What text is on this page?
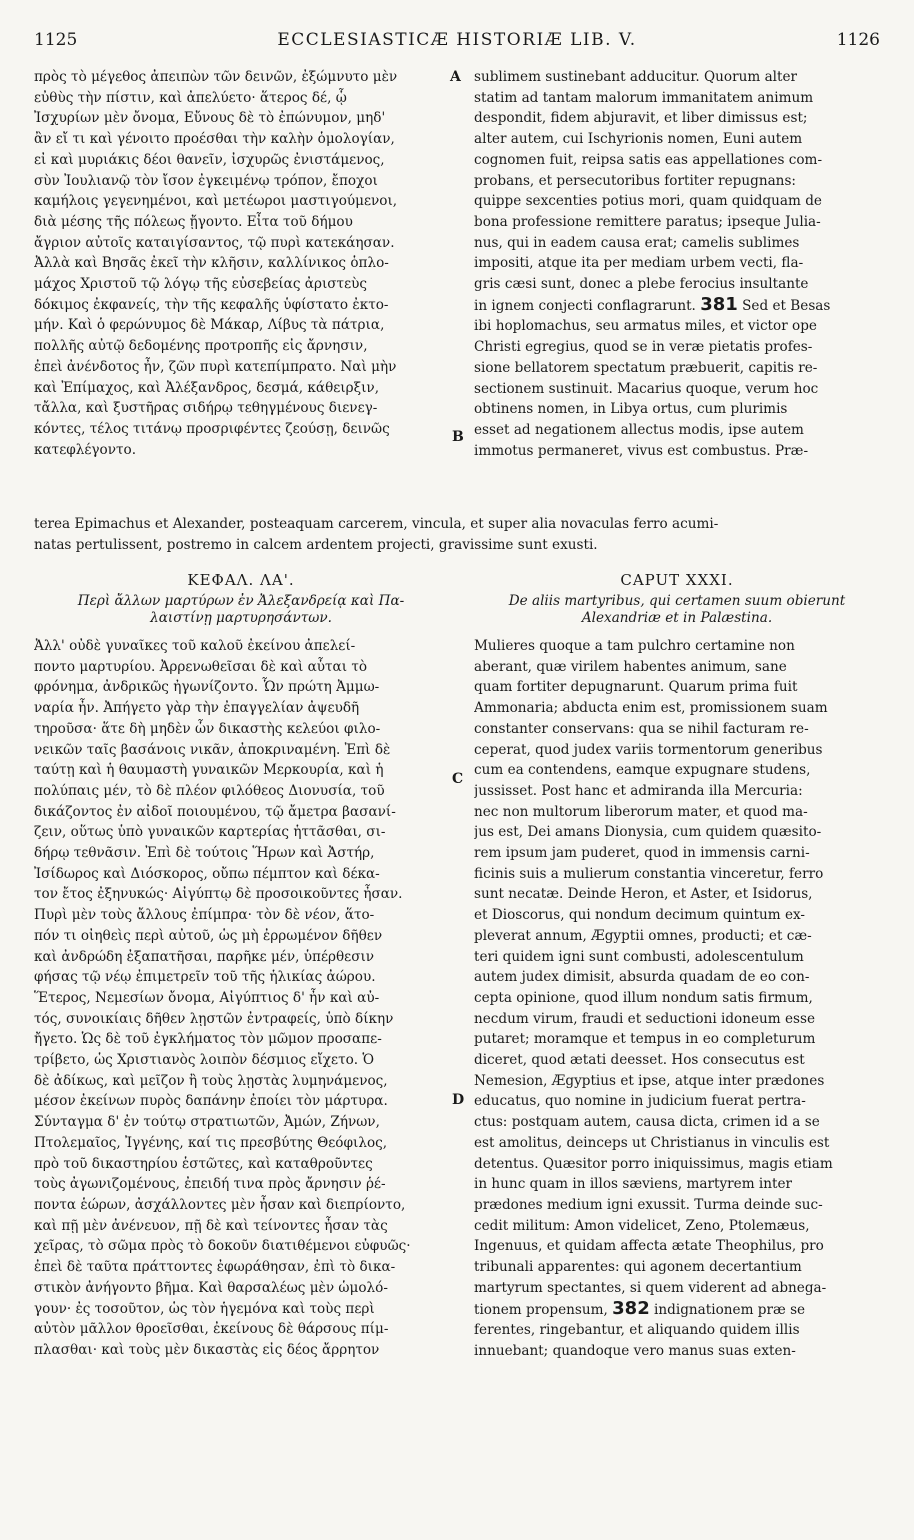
1125	ECCLESIASTICÆ HISTORIÆ LIB. V.	1126
πρὸς τὸ μέγεθος ἀπειπὼν τῶν δεινῶν, ἐξώμνυτο μὲν
εὐθὺς τὴν πίστιν, καὶ ἀπελύετο· ἅτερος δέ, ᾧ
Ἰσχυρίων μὲν ὄνομα, Εὔνους δὲ τὸ ἐπώνυμον, μηδ'
ἂν εἴ τι καὶ γένοιτο προέσθαι τὴν καλὴν ὁμολογίαν,
εἰ καὶ μυριάκις δέοι θανεῖν, ἰσχυρῶς ἐνιστάμενος,
σὺν Ἰουλιανῷ τὸν ἴσον ἐγκειμένῳ τρόπον, ἔποχοι
καμήλοις γεγενημένοι, καὶ μετέωροι μαστιγούμενοι,
διὰ μέσης τῆς πόλεως ᾔγοντο. Εἶτα τοῦ δήμου
ἄγριον αὐτοῖς καταιγίσαντος, τῷ πυρὶ κατεκάησαν.
Ἀλλὰ καὶ Βησᾶς ἐκεῖ τὴν κλῆσιν, καλλίνικος ὁπλο-
μάχος Χριστοῦ τῷ λόγῳ τῆς εὐσεβείας ἀριστεὺς
δόκιμος ἐκφανείς, τὴν τῆς κεφαλῆς ὑφίστατο ἐκτο-
μήν. Καὶ ὁ φερώνυμος δὲ Μάκαρ, Λίβυς τὰ πάτρια,
πολλῆς αὐτῷ δεδομένης προτροπῆς εἰς ἄρνησιν,
ἐπεὶ ἀνένδοτος ἦν, ζῶν πυρὶ κατεπίμπρατο. Ναὶ μὴν
καὶ Ἐπίμαχος, καὶ Ἀλέξανδρος, δεσμά, κάθειρξιν,
τἄλλα, καὶ ξυστῆρας σιδήρῳ τεθηγμένους διενεγ-
κόντες, τέλος τιτάνῳ προσριφέντες ζεούσῃ, δεινῶς
κατεφλέγοντο.
sublimem sustinebant adducitur. Quorum alter
statim ad tantam malorum immanitatem animum
despondit, fidem abjuravit, et liber dimissus est;
alter autem, cui Ischyrionis nomen, Euni autem
cognomen fuit, reipsa satis eas appellationes com-
probans, et persecutoribus fortiter repugnans:
quippe sexcenties potius mori, quam quidquam de
bona professione remittere paratus; ipseque Julia-
nus, qui in eadem causa erat; camelis sublimes
impositi, atque ita per mediam urbem vecti, fla-
gris cæsi sunt, donec a plebe ferocius insultante
in ignem conjecti conflagrarunt. 381 Sed et Besas
ibi hoplomachus, seu armatus miles, et victor ope
Christi egregius, quod se in veræ pietatis profes-
sione bellatorem spectatum præbuerit, capitis re-
sectionem sustinuit. Macarius quoque, verum hoc
obtinens nomen, in Libya ortus, cum plurimis
esset ad negationem allectus modis, ipse autem
immotus permaneret, vivus est combustus. Præ-
A
B
C
D
terea Epimachus et Alexander, posteaquam carcerem, vincula, et super alia novaculas ferro acumi-
natas pertulissent, postremo in calcem ardentem projecti, gravissime sunt exusti.
ΚΕΦΑΛ. ΛΑ'.
Περὶ ἄλλων μαρτύρων ἐν Ἀλεξανδρείᾳ καὶ Πα-
λαιστίνῃ μαρτυρησάντων.
CAPUT XXXI.
De aliis martyribus, qui certamen suum obierunt
Alexandriæ et in Palæstina.
Ἀλλ' οὐδὲ γυναῖκες τοῦ καλοῦ ἐκείνου ἀπελεί-
ποντο μαρτυρίου. Ἀρρενωθεῖσαι δὲ καὶ αὗται τὸ
φρόνημα, ἀνδρικῶς ἠγωνίζοντο. Ὧν πρώτη Ἀμμω-
ναρία ἦν. Ἀπήγετο γὰρ τὴν ἐπαγγελίαν ἀψευδῆ
τηροῦσα· ἅτε δὴ μηδὲν ὧν δικαστὴς κελεύοι φιλο-
νεικῶν ταῖς βασάνοις νικᾶν, ἀποκριναμένη. Ἐπὶ δὲ
ταύτῃ καὶ ἡ θαυμαστὴ γυναικῶν Μερκουρία, καὶ ἡ
πολύπαις μέν, τὸ δὲ πλέον φιλόθεος Διονυσία, τοῦ
δικάζοντος ἐν αἰδοῖ ποιουμένου, τῷ ἄμετρα βασανί-
ζειν, οὕτως ὑπὸ γυναικῶν καρτερίας ἡττᾶσθαι, σι-
δήρῳ τεθνᾶσιν. Ἐπὶ δὲ τούτοις Ἥρων καὶ Ἀστήρ,
Ἰσίδωρος καὶ Διόσκορος, οὔπω πέμπτον καὶ δέκα-
τον ἔτος ἐξηνυκώς· Αἰγύπτῳ δὲ προσοικοῦντες ἦσαν.
Πυρὶ μὲν τοὺς ἄλλους ἐπίμπρα· τὸν δὲ νέον, ἅτο-
πόν τι οἰηθεὶς περὶ αὐτοῦ, ὡς μὴ ἐρρωμένον δῆθεν
καὶ ἀνδρώδη ἐξαπατῆσαι, παρῆκε μέν, ὑπέρθεσιν
φήσας τῷ νέῳ ἐπιμετρεῖν τοῦ τῆς ἡλικίας ἀώρου.
Ἕτερος, Νεμεσίων ὄνομα, Αἰγύπτιος δ' ἦν καὶ αὐ-
τός, συνοικίαις δῆθεν λῃστῶν ἐντραφείς, ὑπὸ δίκην
ἤγετο. Ὡς δὲ τοῦ ἐγκλήματος τὸν μῶμον προσαπε-
τρίβετο, ὡς Χριστιανὸς λοιπὸν δέσμιος εἴχετο. Ὁ
δὲ ἀδίκως, καὶ μεῖζον ἢ τοὺς λῃστὰς λυμηνάμενος,
μέσον ἐκείνων πυρὸς δαπάνην ἐποίει τὸν μάρτυρα.
Σύνταγμα δ' ἐν τούτῳ στρατιωτῶν, Ἀμών, Ζήνων,
Πτολεμαῖος, Ἰγγένης, καί τις πρεσβύτης Θεόφιλος,
πρὸ τοῦ δικαστηρίου ἑστῶτες, καὶ καταθροῦντες
τοὺς ἀγωνιζομένους, ἐπειδή τινα πρὸς ἄρνησιν ῥέ-
ποντα ἑώρων, ἀσχάλλοντες μὲν ἦσαν καὶ διεπρίοντο,
καὶ πῇ μὲν ἀνένευον, πῇ δὲ καὶ τείνοντες ἦσαν τὰς
χεῖρας, τὸ σῶμα πρὸς τὸ δοκοῦν διατιθέμενοι εὐφυῶς·
ἐπεὶ δὲ ταῦτα πράττοντες ἐφωράθησαν, ἐπὶ τὸ δικα-
στικὸν ἀνήγοντο βῆμα. Καὶ θαρσαλέως μὲν ὡμολό-
γουν· ἐς τοσοῦτον, ὡς τὸν ἡγεμόνα καὶ τοὺς περὶ
αὐτὸν μᾶλλον θροεῖσθαι, ἐκείνους δὲ θάρσους πίμ-
πλασθαι· καὶ τοὺς μὲν δικαστὰς εἰς δέος ἄρρητον
Mulieres quoque a tam pulchro certamine non
aberant, quæ virilem habentes animum, sane
quam fortiter depugnarunt. Quarum prima fuit
Ammonaria; abducta enim est, promissionem suam
constanter conservans: qua se nihil facturam re-
ceperat, quod judex variis tormentorum generibus
cum ea contendens, eamque expugnare studens,
jussisset. Post hanc et admiranda illa Mercuria:
nec non multorum liberorum mater, et quod ma-
jus est, Dei amans Dionysia, cum quidem quæsito-
rem ipsum jam puderet, quod in immensis carni-
ficinis suis a mulierum constantia vinceretur, ferro
sunt necatæ. Deinde Heron, et Aster, et Isidorus,
et Dioscorus, qui nondum decimum quintum ex-
pleverat annum, Ægyptii omnes, producti; et cæ-
teri quidem igni sunt combusti, adolescentulum
autem judex dimisit, absurda quadam de eo con-
cepta opinione, quod illum nondum satis firmum,
necdum virum, fraudi et seductioni idoneum esse
putaret; moramque et tempus in eo completurum
diceret, quod ætati deesset. Hos consecutus est
Nemesion, Ægyptius et ipse, atque inter prædones
educatus, quo nomine in judicium fuerat pertra-
ctus: postquam autem, causa dicta, crimen id a se
est amolitus, deinceps ut Christianus in vinculis est
detentus. Quæsitor porro iniquissimus, magis etiam
in hunc quam in illos sæviens, martyrem inter
prædones medium igni exussit. Turma deinde suc-
cedit militum: Amon videlicet, Zeno, Ptolemæus,
Ingenuus, et quidam affecta ætate Theophilus, pro
tribunali apparentes: qui agonem decertantium
martyrum spectantes, si quem viderent ad abnega-
tionem propensum, 382 indignationem præ se
ferentes, ringebantur, et aliquando quidem illis
innuebant; quandoque vero manus suas exten-
